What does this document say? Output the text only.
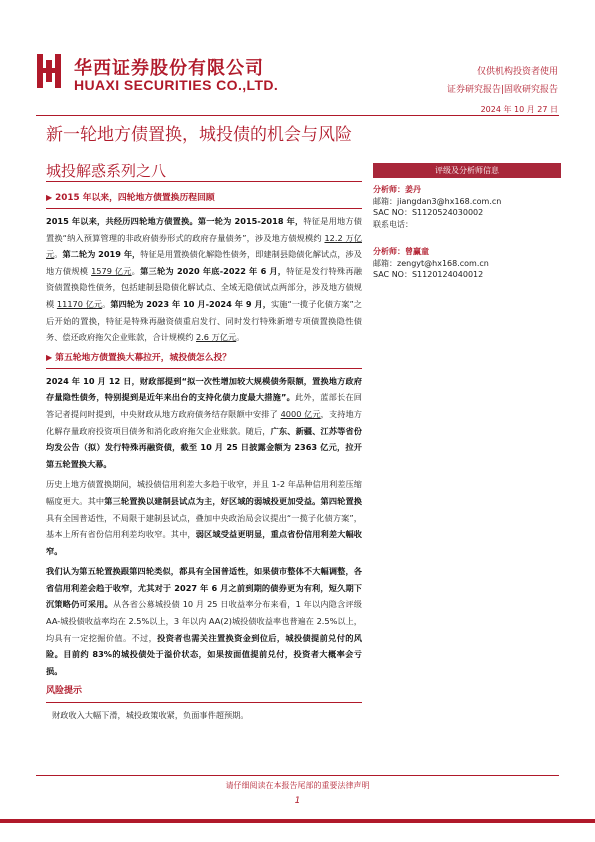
华西证券股份有限公司
HUAXI SECURITIES CO.,LTD.
仅供机构投资者使用
证券研究报告|固收研究报告
2024 年 10 月 27 日
新一轮地方债置换，城投债的机会与风险
城投解惑系列之八
▶ 2015 年以来，四轮地方债置换历程回顾
2015 年以来，共经历四轮地方债置换。第一轮为 2015-2018 年，特征是用地方债置换“纳入预算管理的非政府债券形式的政府存量债务”，涉及地方债规模约 12.2 万亿元。第二轮为 2019 年，特征是用置换债化解隐性债务，即建制县隐债化解试点，涉及地方债规模 1579 亿元。第三轮为 2020 年底-2022 年 6 月，特征是发行特殊再融资债置换隐性债务，包括建制县隐债化解试点、全域无隐债试点两部分，涉及地方债规模 11170 亿元。第四轮为 2023 年 10 月-2024 年 9 月，实施“一揽子化债方案”之后开始的置换，特征是特殊再融资债重启发行、同时发行特殊新增专项债置换隐性债务、偿还政府拖欠企业账款，合计规模约 2.6 万亿元。
▶ 第五轮地方债置换大幕拉开，城投债怎么投？
2024 年 10 月 12 日，财政部提到“拟一次性增加较大规模债务限额，置换地方政府存量隐性债务，特别提到是近年来出台的支持化债力度最大措施”。此外，蓝部长在回答记者提问时提到，中央财政从地方政府债务结存限额中安排了 4000 亿元，支持地方化解存量政府投资项目债务和消化政府拖欠企业账款。随后，广东、新疆、江苏等省份均发公告（拟）发行特殊再融资债，截至 10 月 25 日披露金额为 2363 亿元，拉开第五轮置换大幕。
历史上地方债置换期间，城投债信用利差大多趋于收窄，并且 1-2 年品种信用利差压缩幅度更大。其中第三轮置换以建制县试点为主，好区域的弱城投更加受益。第四轮置换具有全国普适性，不局限于建制县试点，叠加中央政治局会议提出“一揽子化债方案”，基本上所有省份信用利差均收窄。其中，弱区域受益更明显，重点省份信用利差大幅收窄。
我们认为第五轮置换跟第四轮类似，都具有全国普适性，如果债市整体不大幅调整，各省信用利差会趋于收窄，尤其对于 2027 年 6 月之前到期的债券更为有利，短久期下沉策略仍可采用。从各省公募城投债 10 月 25 日收益率分布来看，1 年以内隐含评级 AA-城投债收益率均在 2.5%以上，3 年以内 AA(2)城投债收益率也普遍在 2.5%以上，均具有一定挖掘价值。不过，投资者也需关注置换资金到位后，城投债提前兑付的风险。目前约 83%的城投债处于溢价状态，如果按面值提前兑付，投资者大概率会亏损。
风险提示
财政收入大幅下滑，城投政策收紧，负面事件超预期。
评级及分析师信息
分析师：姜丹
邮箱：jiangdan3@hx168.com.cn
SAC NO：S1120524030002
联系电话：
分析师：曾赢童
邮箱：zengyt@hx168.com.cn
SAC NO：S1120124040012
请仔细阅读在本报告尾部的重要法律声明
1
